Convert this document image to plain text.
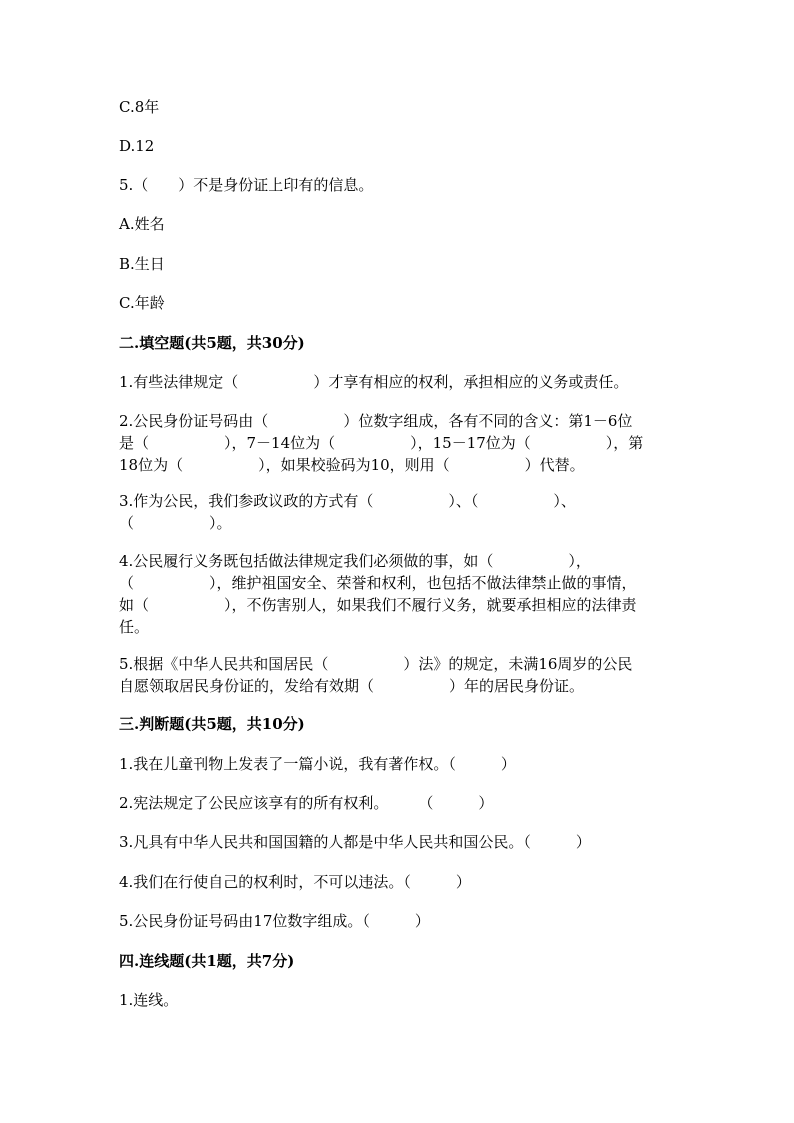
C.8年
D.12
5.（　　）不是身份证上印有的信息。
A.姓名
B.生日
C.年龄
二.填空题(共5题，共30分)
1.有些法律规定（　　　　　）才享有相应的权利，承担相应的义务或责任。
2.公民身份证号码由（　　　　　）位数字组成，各有不同的含义：第1－6位
是（　　　　　），7－14位为（　　　　　），15－17位为（　　　　　），第
18位为（　　　　　），如果校验码为10，则用（　　　　　）代替。
3.作为公民，我们参政议政的方式有（　　　　　）、（　　　　　）、
（　　　　　）。
4.公民履行义务既包括做法律规定我们必须做的事，如（　　　　　），
（　　　　　），维护祖国安全、荣誉和权利，也包括不做法律禁止做的事情，
如（　　　　　），不伤害别人，如果我们不履行义务，就要承担相应的法律责
任。
5.根据《中华人民共和国居民（　　　　　）法》的规定，未满16周岁的公民
自愿领取居民身份证的，发给有效期（　　　　　）年的居民身份证。
三.判断题(共5题，共10分)
1.我在儿童刊物上发表了一篇小说，我有著作权。（　　　）
2.宪法规定了公民应该享有的所有权利。　　　（　　　）
3.凡具有中华人民共和国国籍的人都是中华人民共和国公民。（　　　）
4.我们在行使自己的权利时，不可以违法。（　　　）
5.公民身份证号码由17位数字组成。（　　　）
四.连线题(共1题，共7分)
1.连线。
